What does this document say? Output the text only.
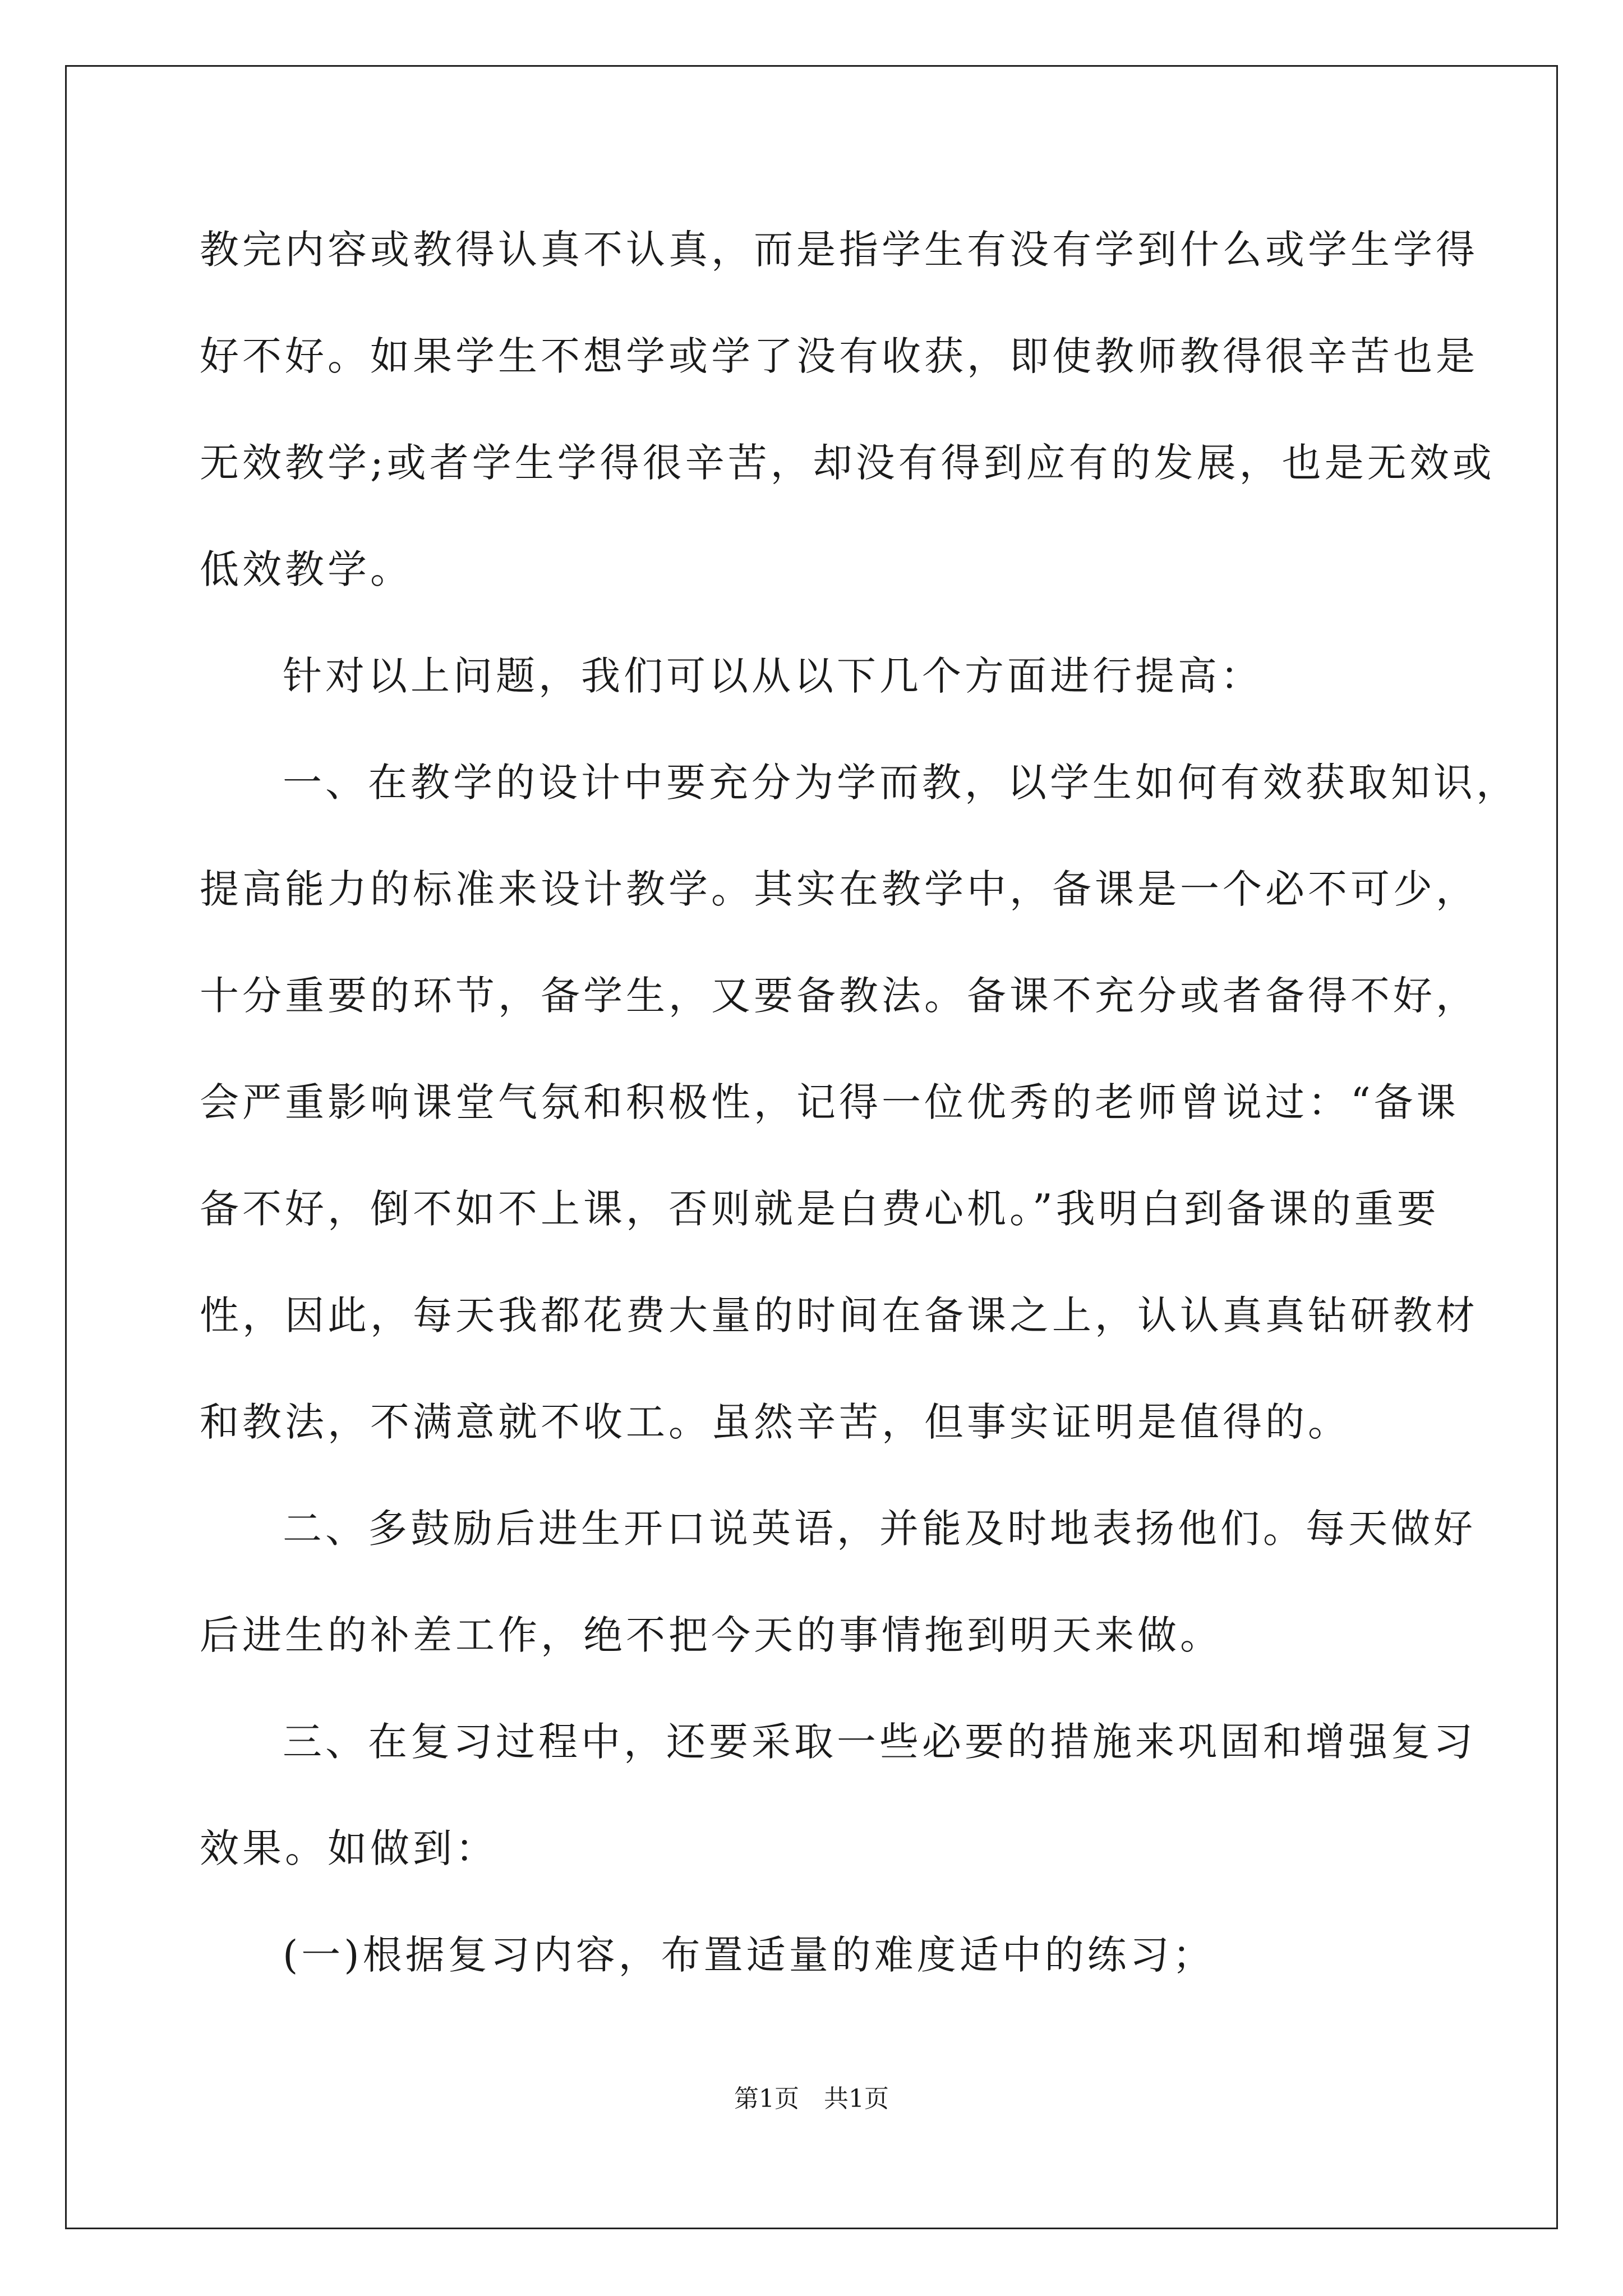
教完内容或教得认真不认真，而是指学生有没有学到什么或学生学得
好不好。如果学生不想学或学了没有收获，即使教师教得很辛苦也是
无效教学;或者学生学得很辛苦，却没有得到应有的发展，也是无效或
低效教学。
针对以上问题，我们可以从以下几个方面进行提高：
一、在教学的设计中要充分为学而教，以学生如何有效获取知识，
提高能力的标准来设计教学。其实在教学中，备课是一个必不可少，
十分重要的环节，备学生，又要备教法。备课不充分或者备得不好，
会严重影响课堂气氛和积极性，记得一位优秀的老师曾说过：“备课
备不好，倒不如不上课，否则就是白费心机。”我明白到备课的重要
性，因此，每天我都花费大量的时间在备课之上，认认真真钻研教材
和教法，不满意就不收工。虽然辛苦，但事实证明是值得的。
二、多鼓励后进生开口说英语，并能及时地表扬他们。每天做好
后进生的补差工作，绝不把今天的事情拖到明天来做。
三、在复习过程中，还要采取一些必要的措施来巩固和增强复习
效果。如做到：
(一)根据复习内容，布置适量的难度适中的练习；
第1页 共1页
